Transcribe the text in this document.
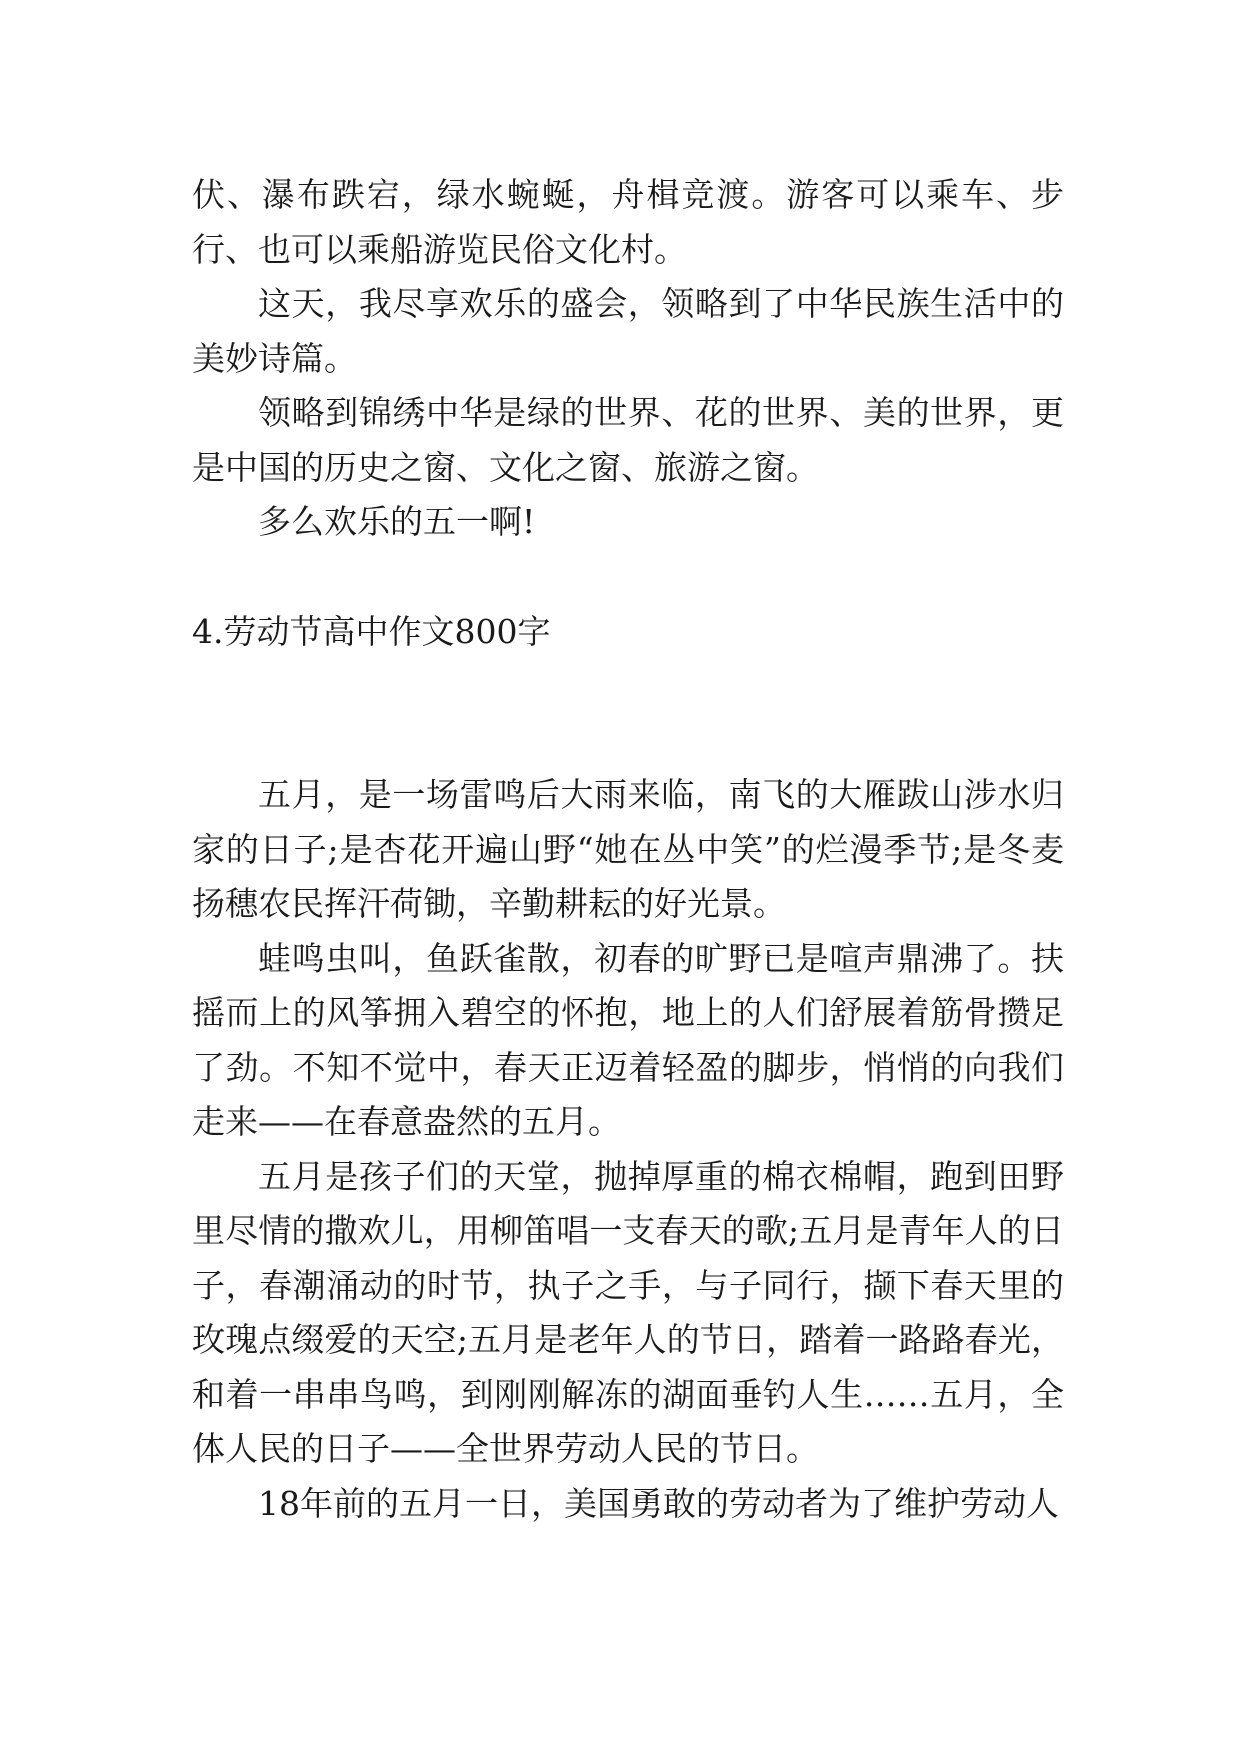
伏、瀑布跌宕，绿水蜿蜒，舟楫竞渡。游客可以乘车、步行、也可以乘船游览民俗文化村。

这天，我尽享欢乐的盛会，领略到了中华民族生活中的美妙诗篇。

领略到锦绣中华是绿的世界、花的世界、美的世界，更是中国的历史之窗、文化之窗、旅游之窗。

多么欢乐的五一啊!

4.劳动节高中作文800字

五月，是一场雷鸣后大雨来临，南飞的大雁跋山涉水归家的日子;是杏花开遍山野“她在丛中笑”的烂漫季节;是冬麦扬穗农民挥汗荷锄，辛勤耕耘的好光景。

蛙鸣虫叫，鱼跃雀散，初春的旷野已是喧声鼎沸了。扶摇而上的风筝拥入碧空的怀抱，地上的人们舒展着筋骨攒足了劲。不知不觉中，春天正迈着轻盈的脚步，悄悄的向我们走来——在春意盎然的五月。

五月是孩子们的天堂，抛掉厚重的棉衣棉帽，跑到田野里尽情的撒欢儿，用柳笛唱一支春天的歌;五月是青年人的日子，春潮涌动的时节，执子之手，与子同行，撷下春天里的玫瑰点缀爱的天空;五月是老年人的节日，踏着一路路春光，和着一串串鸟鸣，到刚刚解冻的湖面垂钓人生……五月，全体人民的日子——全世界劳动人民的节日。

18年前的五月一日，美国勇敢的劳动者为了维护劳动人
